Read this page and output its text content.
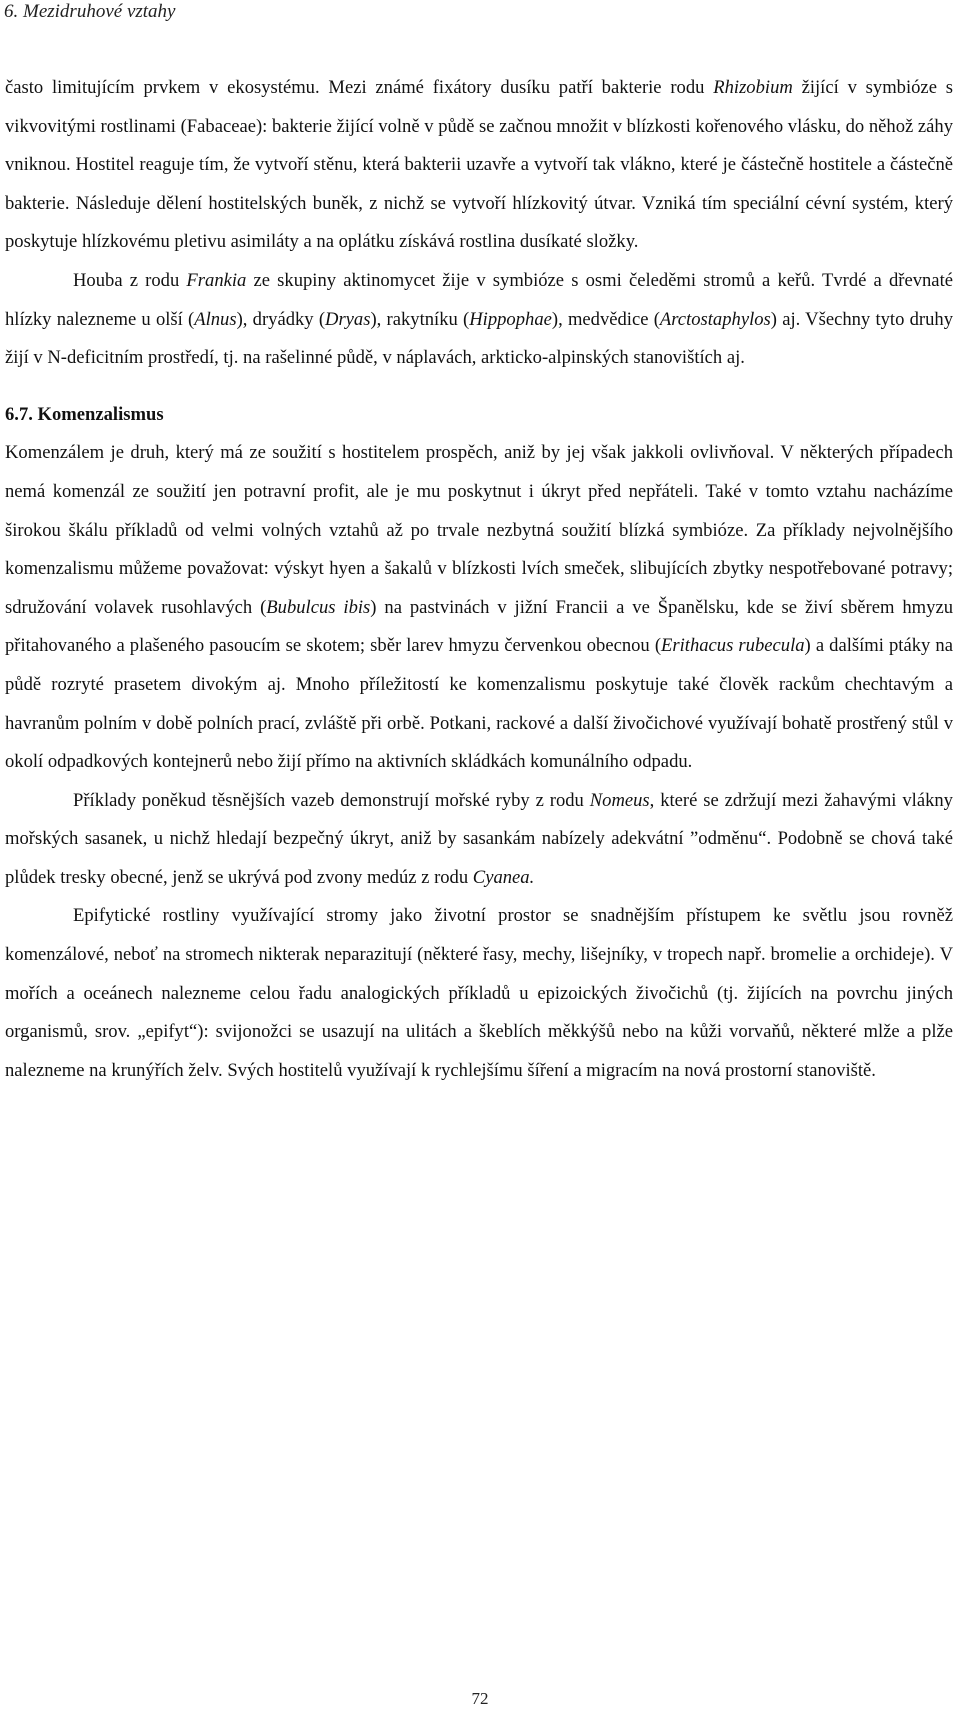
6. Mezidruhové vztahy

často limitujícím prvkem v ekosystému. Mezi známé fixátory dusíku patří bakterie rodu Rhizobium žijící v symbióze s vikvovitými rostlinami (Fabaceae): bakterie žijící volně v půdě se začnou množit v blízkosti kořenového vlásku, do něhož záhy vniknou. Hostitel reaguje tím, že vytvoří stěnu, která bakterii uzavře a vytvoří tak vlákno, které je částečně hostitele a částečně bakterie. Následuje dělení hostitelských buněk, z nichž se vytvoří hlízkovitý útvar. Vzniká tím speciální cévní systém, který poskytuje hlízkovému pletivu asimiláty a na oplátku získává rostlina dusíkaté složky.

Houba z rodu Frankia ze skupiny aktinomycet žije v symbióze s osmi čeleděmi stromů a keřů. Tvrdé a dřevnaté hlízky nalezneme u olší (Alnus), dryádky (Dryas), rakytníku (Hippophae), medvědice (Arctostaphylos) aj. Všechny tyto druhy žijí v N-deficitním prostředí, tj. na rašelinné půdě, v náplavách, arkticko-alpinských stanovištích aj.

6.7. Komenzalismus

Komenzálem je druh, který má ze soužití s hostitelem prospěch, aniž by jej však jakkoli ovlivňoval. V některých případech nemá komenzál ze soužití jen potravní profit, ale je mu poskytnut i úkryt před nepřáteli. Také v tomto vztahu nacházíme širokou škálu příkladů od velmi volných vztahů až po trvale nezbytná soužití blízká symbióze. Za příklady nejvolnějšího komenzalismu můžeme považovat: výskyt hyen a šakalů v blízkosti lvích smeček, slibujících zbytky nespotřebované potravy; sdružování volavek rusohlavých (Bubulcus ibis) na pastvinách v jižní Francii a ve Španělsku, kde se živí sběrem hmyzu přitahovaného a plašeného pasoucím se skotem; sběr larev hmyzu červenkou obecnou (Erithacus rubecula) a dalšími ptáky na půdě rozryté prasetem divokým aj. Mnoho příležitostí ke komenzalismu poskytuje také člověk rackům chechtavým a havranům polním v době polních prací, zvláště při orbě. Potkani, rackové a další živočichové využívají bohatě prostřený stůl v okolí odpadkových kontejnerů nebo žijí přímo na aktivních skládkách komunálního odpadu.

Příklady poněkud těsnějších vazeb demonstrují mořské ryby z rodu Nomeus, které se zdržují mezi žahavými vlákny mořských sasanek, u nichž hledají bezpečný úkryt, aniž by sasankám nabízely adekvátní ”odměnu“. Podobně se chová také plůdek tresky obecné, jenž se ukrývá pod zvony medúz z rodu Cyanea.

Epifytické rostliny využívající stromy jako životní prostor se snadnějším přístupem ke světlu jsou rovněž komenzálové, neboť na stromech nikterak neparazitují (některé řasy, mechy, lišejníky, v tropech např. bromelie a orchideje). V mořích a oceánech nalezneme celou řadu analogických příkladů u epizoických živočichů (tj. žijících na povrchu jiných organismů, srov. „epifyt“): svijonožci se usazují na ulitách a škeblích měkkýšů nebo na kůži vorvaňů, některé mlže a plže nalezneme na krunýřích želv. Svých hostitelů využívají k rychlejšímu šíření a migracím na nová prostorní stanoviště.

72
